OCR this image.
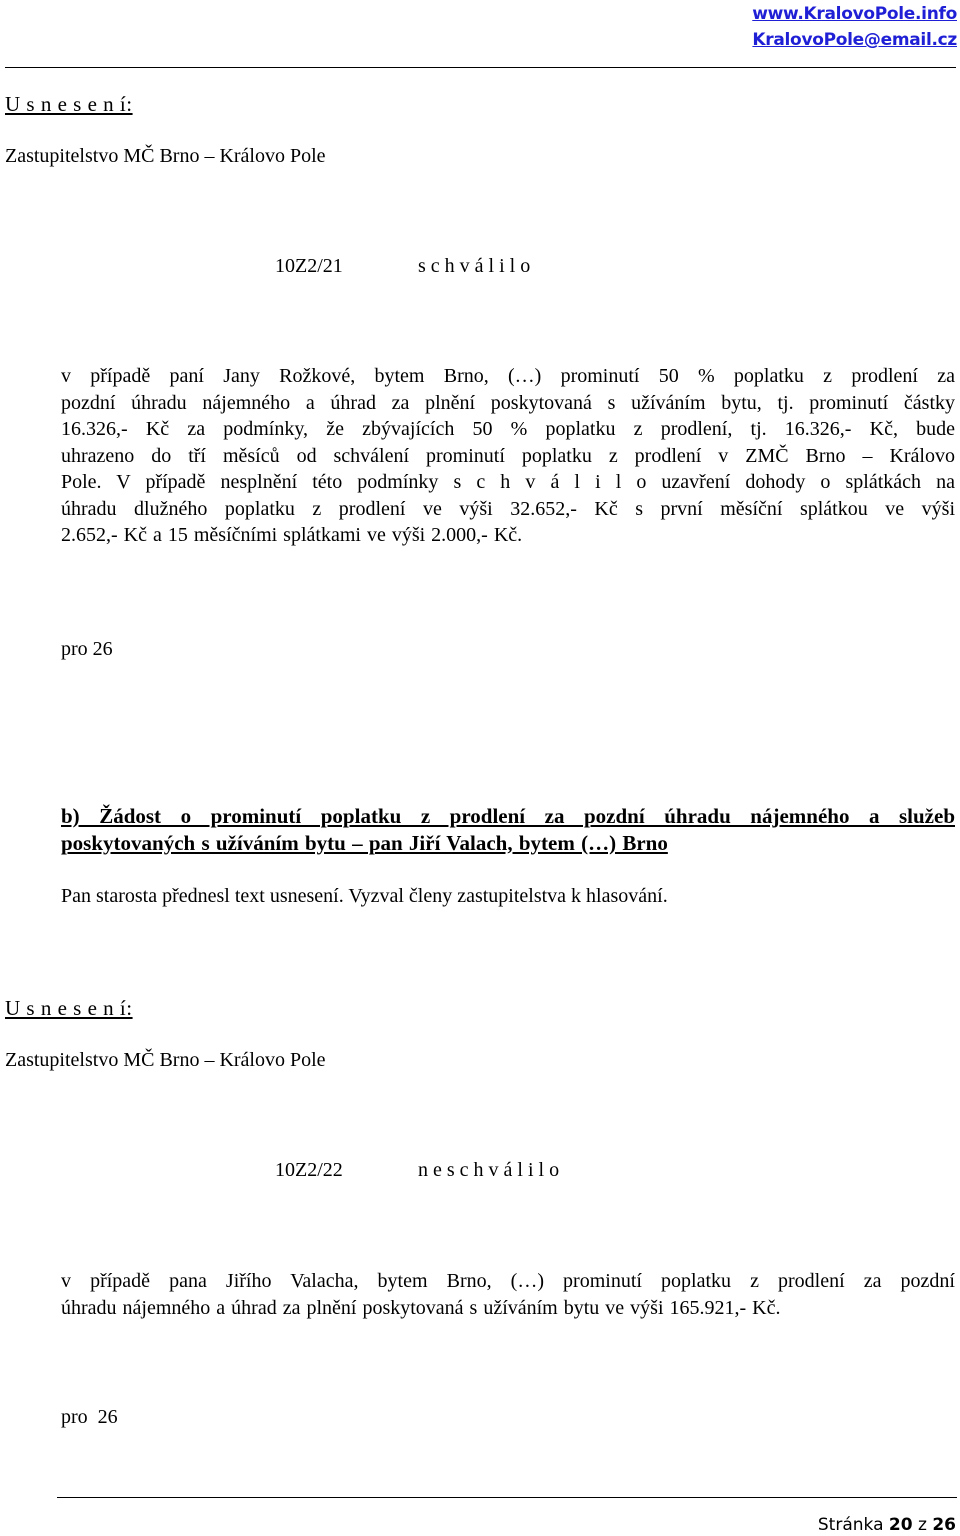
www.KralovoPole.info
KralovoPole@email.cz
U s n e s e n í:
Zastupitelstvo MČ Brno – Královo Pole
10Z2/21	s c h v á l i l o
v případě paní Jany Rožkové, bytem Brno, (…) prominutí 50 % poplatku z prodlení za
pozdní úhradu nájemného a úhrad za plnění poskytovaná s užíváním bytu, tj. prominutí částky
16.326,- Kč za podmínky, že zbývajících 50 % poplatku z prodlení, tj. 16.326,- Kč, bude
uhrazeno do tří měsíců od schválení prominutí poplatku z prodlení v ZMČ Brno – Královo
Pole. V případě nesplnění této podmínky s c h v á l i l o uzavření dohody o splátkách na
úhradu dlužného poplatku z prodlení ve výši 32.652,- Kč s první měsíční splátkou ve výši
2.652,- Kč a 15 měsíčními splátkami ve výši 2.000,- Kč.
pro 26
b) Žádost o prominutí poplatku z prodlení za pozdní úhradu nájemného a služeb
poskytovaných s užíváním bytu – pan Jiří Valach, bytem (…) Brno
Pan starosta přednesl text usnesení. Vyzval členy zastupitelstva k hlasování.
U s n e s e n í:
Zastupitelstvo MČ Brno – Královo Pole
10Z2/22	n e s c h v á l i l o
v případě pana Jiřího Valacha, bytem Brno, (…) prominutí poplatku z prodlení za pozdní
úhradu nájemného a úhrad za plnění poskytovaná s užíváním bytu ve výši 165.921,- Kč.
pro  26
Stránka 20 z 26
